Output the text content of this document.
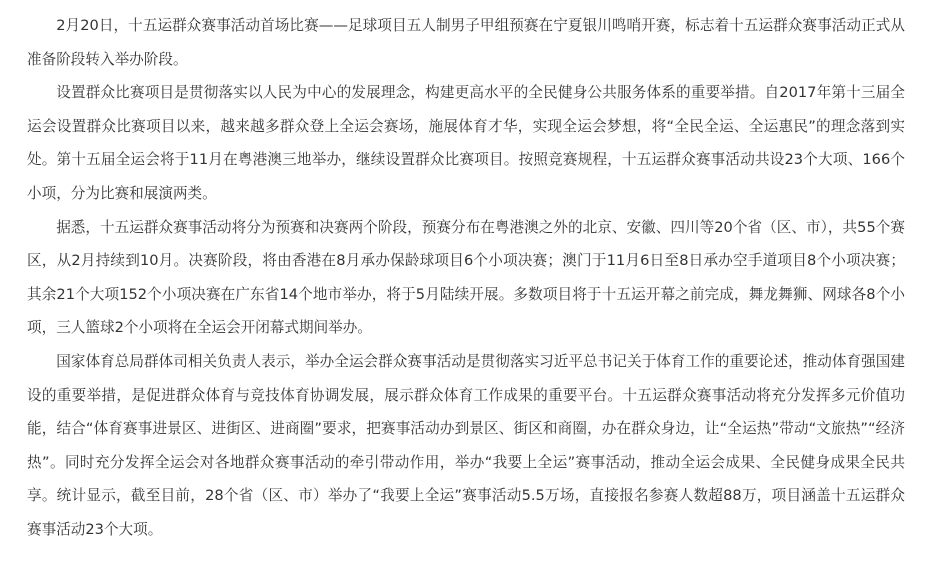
2月20日，十五运群众赛事活动首场比赛——足球项目五人制男子甲组预赛在宁夏银川鸣哨开赛，标志着十五运群众赛事活动正式从准备阶段转入举办阶段。

设置群众比赛项目是贯彻落实以人民为中心的发展理念，构建更高水平的全民健身公共服务体系的重要举措。自2017年第十三届全运会设置群众比赛项目以来，越来越多群众登上全运会赛场，施展体育才华，实现全运会梦想，将“全民全运、全运惠民”的理念落到实处。第十五届全运会将于11月在粤港澳三地举办，继续设置群众比赛项目。按照竞赛规程，十五运群众赛事活动共设23个大项、166个小项，分为比赛和展演两类。

据悉，十五运群众赛事活动将分为预赛和决赛两个阶段，预赛分布在粤港澳之外的北京、安徽、四川等20个省（区、市），共55个赛区，从2月持续到10月。决赛阶段，将由香港在8月承办保龄球项目6个小项决赛；澳门于11月6日至8日承办空手道项目8个小项决赛；其余21个大项152个小项决赛在广东省14个地市举办，将于5月陆续开展。多数项目将于十五运开幕之前完成，舞龙舞狮、网球各8个小项，三人篮球2个小项将在全运会开闭幕式期间举办。

国家体育总局群体司相关负责人表示，举办全运会群众赛事活动是贯彻落实习近平总书记关于体育工作的重要论述，推动体育强国建设的重要举措，是促进群众体育与竞技体育协调发展，展示群众体育工作成果的重要平台。十五运群众赛事活动将充分发挥多元价值功能，结合“体育赛事进景区、进街区、进商圈”要求，把赛事活动办到景区、街区和商圈，办在群众身边，让“全运热”带动“文旅热”“经济热”。同时充分发挥全运会对各地群众赛事活动的牵引带动作用，举办“我要上全运”赛事活动，推动全运会成果、全民健身成果全民共享。统计显示，截至目前，28个省（区、市）举办了“我要上全运”赛事活动5.5万场，直接报名参赛人数超88万，项目涵盖十五运群众赛事活动23个大项。
